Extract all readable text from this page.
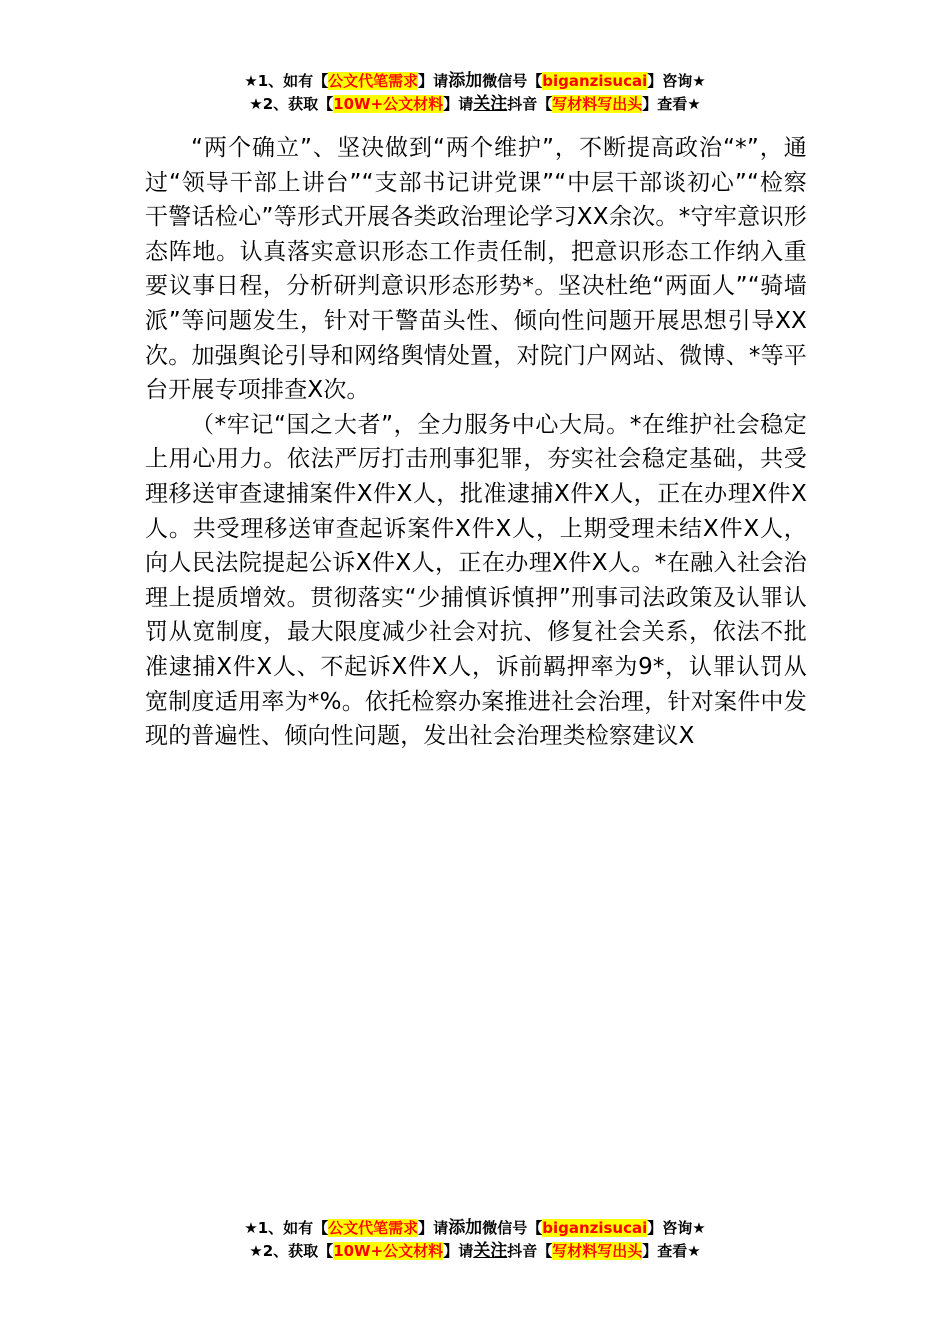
★1、如有【公文代笔需求】请添加微信号【biganzisucai】咨询★
★2、获取【10W+公文材料】请关注抖音【写材料写出头】查看★

“两个确立”、坚决做到“两个维护”，不断提高政治“*”，通过“领导干部上讲台”“支部书记讲党课”“中层干部谈初心”“检察干警话检心”等形式开展各类政治理论学习XX余次。*守牢意识形态阵地。认真落实意识形态工作责任制，把意识形态工作纳入重要议事日程，分析研判意识形态形势*。坚决杜绝“两面人”“骑墙派”等问题发生，针对干警苗头性、倾向性问题开展思想引导XX次。加强舆论引导和网络舆情处置，对院门户网站、微博、*等平台开展专项排查X次。

（*牢记“国之大者”，全力服务中心大局。*在维护社会稳定上用心用力。依法严厉打击刑事犯罪，夯实社会稳定基础，共受理移送审查逮捕案件X件X人，批准逮捕X件X人，正在办理X件X人。共受理移送审查起诉案件X件X人，上期受理未结X件X人，向人民法院提起公诉X件X人，正在办理X件X人。*在融入社会治理上提质增效。贯彻落实“少捕慎诉慎押”刑事司法政策及认罪认罚从宽制度，最大限度减少社会对抗、修复社会关系，依法不批准逮捕X件X人、不起诉X件X人，诉前羁押率为9*，认罪认罚从宽制度适用率为*%。依托检察办案推进社会治理，针对案件中发现的普遍性、倾向性问题，发出社会治理类检察建议X

★1、如有【公文代笔需求】请添加微信号【biganzisucai】咨询★
★2、获取【10W+公文材料】请关注抖音【写材料写出头】查看★
